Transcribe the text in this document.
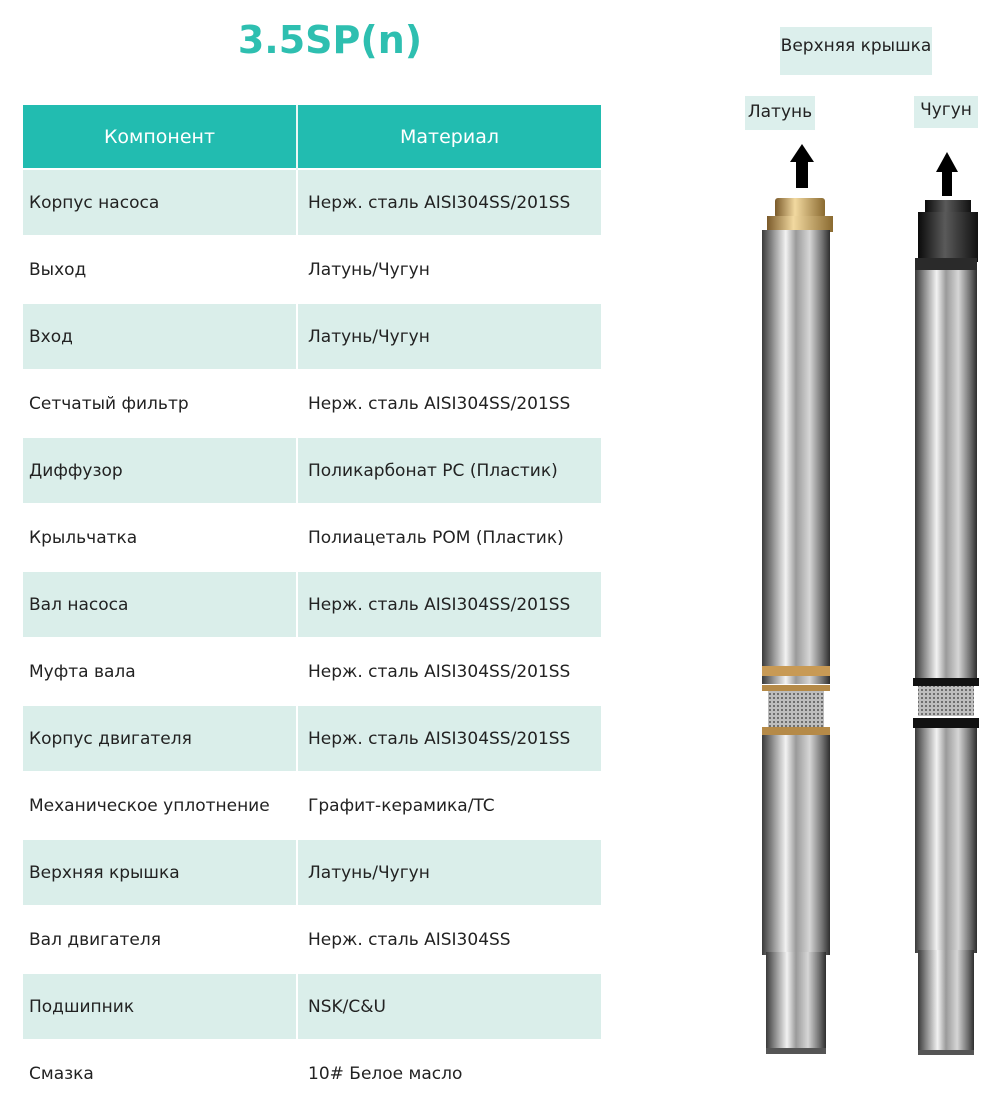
3.5SP(n)
Компонент	Материал
Корпус насоса	Нерж. сталь AISI304SS/201SS
Выход	Латунь/Чугун
Вход	Латунь/Чугун
Сетчатый фильтр	Нерж. сталь AISI304SS/201SS
Диффузор	Поликарбонат PC (Пластик)
Крыльчатка	Полиацеталь POM (Пластик)
Вал насоса	Нерж. сталь AISI304SS/201SS
Муфта вала	Нерж. сталь AISI304SS/201SS
Корпус двигателя	Нерж. сталь AISI304SS/201SS
Механическое уплотнение	Графит-керамика/TC
Верхняя крышка	Латунь/Чугун
Вал двигателя	Нерж. сталь AISI304SS
Подшипник	NSK/C&U
Смазка	10# Белое масло
Верхняя крышка
Латунь	Чугун
